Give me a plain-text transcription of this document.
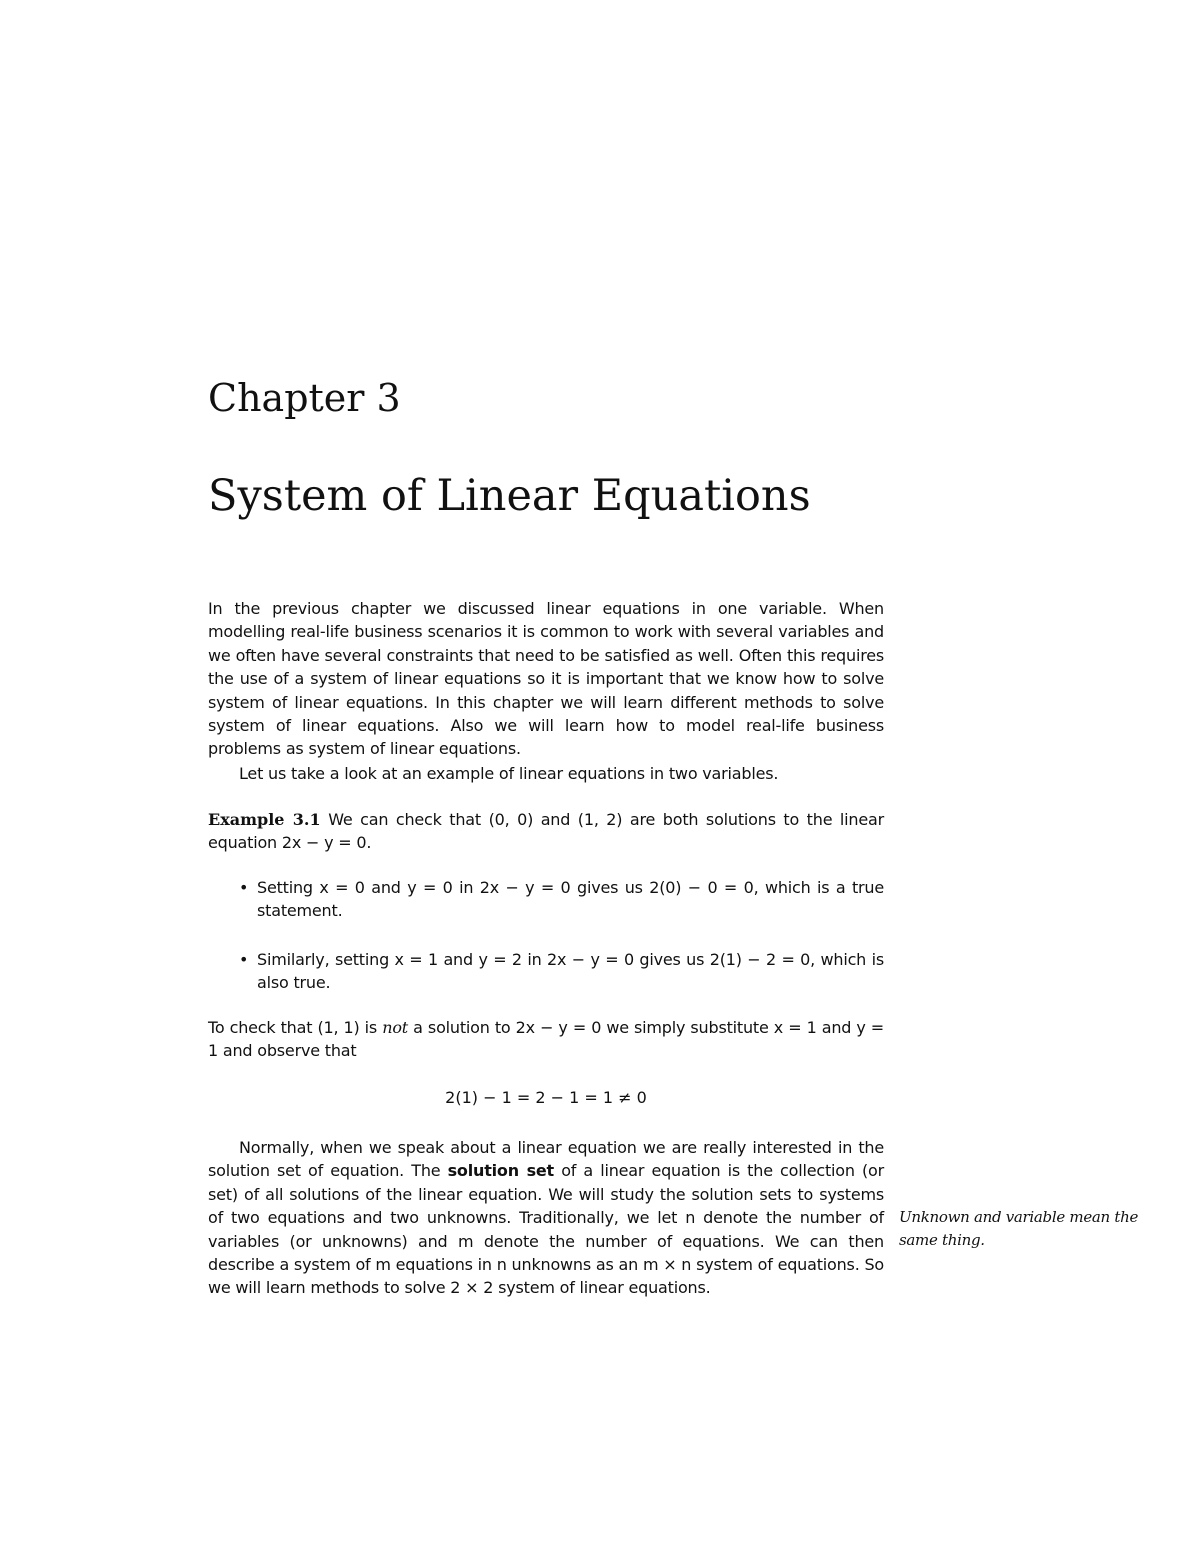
Chapter 3
System of Linear Equations

In the previous chapter we discussed linear equations in one variable. When modelling real-life business scenarios it is common to work with several variables and we often have several constraints that need to be satisfied as well. Often this requires the use of a system of linear equations so it is important that we know how to solve system of linear equations. In this chapter we will learn different methods to solve system of linear equations. Also we will learn how to model real-life business problems as system of linear equations.

Let us take a look at an example of linear equations in two variables.

Example 3.1 We can check that (0, 0) and (1, 2) are both solutions to the linear equation 2x − y = 0.

• Setting x = 0 and y = 0 in 2x − y = 0 gives us 2(0) − 0 = 0, which is a true statement.
• Similarly, setting x = 1 and y = 2 in 2x − y = 0 gives us 2(1) − 2 = 0, which is also true.

To check that (1, 1) is not a solution to 2x − y = 0 we simply substitute x = 1 and y = 1 and observe that

2(1) − 1 = 2 − 1 = 1 ≠ 0

Normally, when we speak about a linear equation we are really interested in the solution set of equation. The solution set of a linear equation is the collection (or set) of all solutions of the linear equation. We will study the solution sets to systems of two equations and two unknowns. Traditionally, we let n denote the number of variables (or unknowns) and m denote the number of equations. We can then describe a system of m equations in n unknowns as an m × n system of equations. So we will learn methods to solve 2 × 2 system of linear equations.

Unknown and variable mean the same thing.
